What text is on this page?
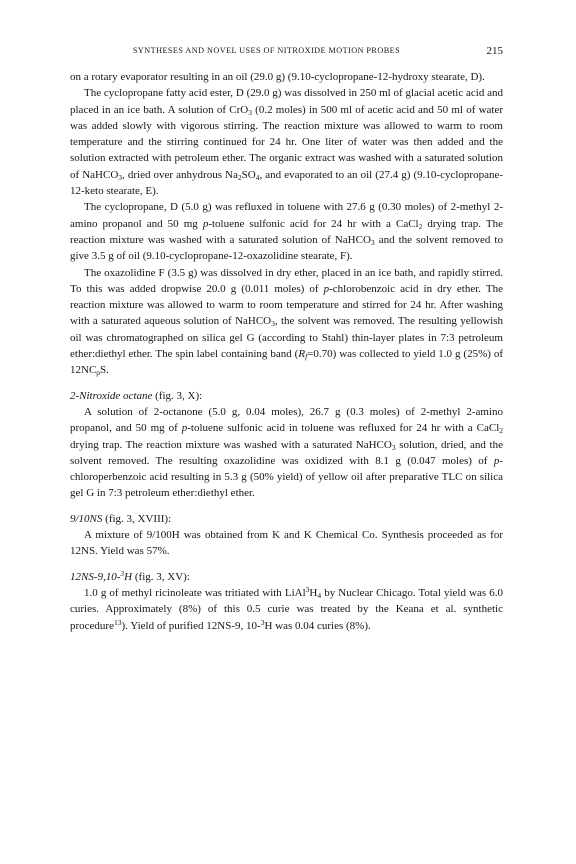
SYNTHESES AND NOVEL USES OF NITROXIDE MOTION PROBES	215

on a rotary evaporator resulting in an oil (29.0 g) (9.10-cyclopropane-12-hydroxy stearate, D).

The cyclopropane fatty acid ester, D (29.0 g) was dissolved in 250 ml of glacial acetic acid and placed in an ice bath. A solution of CrO$_3$ (0.2 moles) in 500 ml of acetic acid and 50 ml of water was added slowly with vigorous stirring. The reaction mixture was allowed to warm to room temperature and the stirring continued for 24 hr. One liter of water was then added and the solution extracted with petroleum ether. The organic extract was washed with a saturated solution of NaHCO$_3$, dried over anhydrous $Na_2SO_4$, and evaporated to an oil (27.4 g) (9.10-cyclopropane-12-keto stearate, E).

The cyclopropane, D (5.0 g) was refluxed in toluene with 27.6 g (0.30 moles) of 2-methyl 2-amino propanol and 50 mg p-toluene sulfonic acid for 24 hr with a CaCl$_2$ drying trap. The reaction mixture was washed with a saturated solution of NaHCO$_3$ and the solvent removed to give 3.5 g of oil (9.10-cyclopropane-12-oxazolidine stearate, F).

The oxazolidine F (3.5 g) was dissolved in dry ether, placed in an ice bath, and rapidly stirred. To this was added dropwise 20.0 g (0.011 moles) of p-chlorobenzoic acid in dry ether. The reaction mixture was allowed to warm to room temperature and stirred for 24 hr. After washing with a saturated aqueous solution of NaHCO$_3$, the solvent was removed. The resulting yellowish oil was chromatographed on silica gel G (according to Stahl) thin-layer plates in 7:3 petroleum ether:diethyl ether. The spin label containing band $(R_f=0.70)$ was collected to yield 1.0 g (25%) of $12NC_pS$.

2-Nitroxide octane (fig. 3, X):

A solution of 2-octanone (5.0 g, 0.04 moles), 26.7 g (0.3 moles) of 2-methyl 2-amino propanol, and 50 mg of p-toluene sulfonic acid in toluene was refluxed for 24 hr with a CaCl$_2$ drying trap. The reaction mixture was washed with a saturated NaHCO$_3$ solution, dried, and the solvent removed. The resulting oxazolidine was oxidized with 8.1 g (0.047 moles) of p-chloroperbenzoic acid resulting in 5.3 g (50% yield) of yellow oil after preparative TLC on silica gel G in 7:3 petroleum ether:diethyl ether.

9/10NS (fig. 3, XVIII):

A mixture of 9/100H was obtained from K and K Chemical Co. Synthesis proceeded as for 12NS. Yield was 57%.

12NS-9,10-$^3$H (fig. 3, XV):

1.0 g of methyl ricinoleate was tritiated with $LiAl^3H_4$ by Nuclear Chicago. Total yield was 6.0 curies. Approximately (8%) of this 0.5 curie was treated by the Keana et al. synthetic procedure$^{13}$). Yield of purified 12NS-9, 10-$^3$H was 0.04 curies (8%).
